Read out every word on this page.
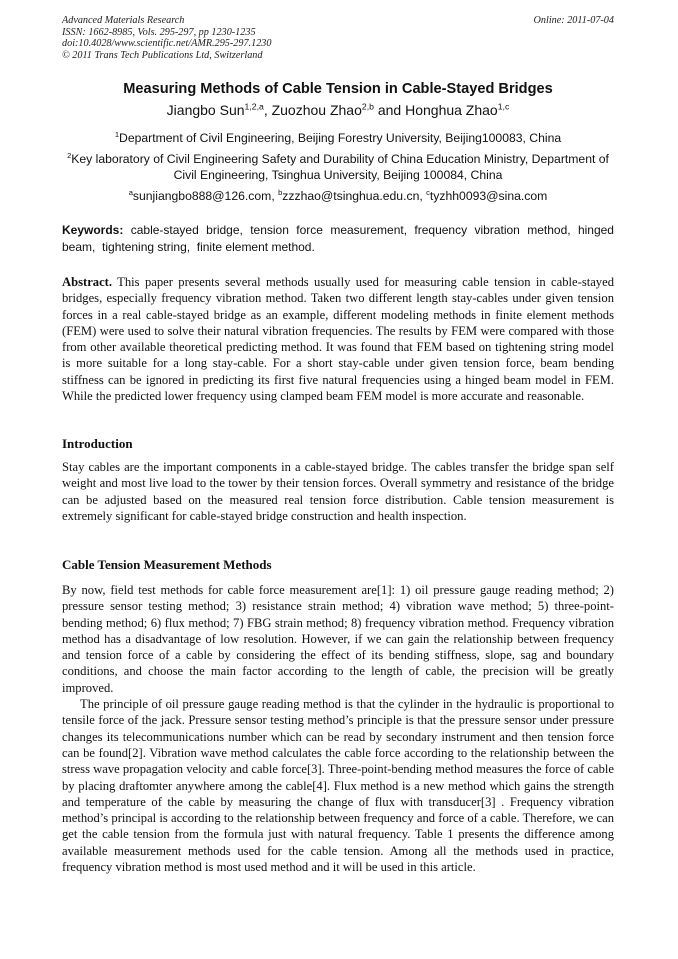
Advanced Materials Research
ISSN: 1662-8985, Vols. 295-297, pp 1230-1235
doi:10.4028/www.scientific.net/AMR.295-297.1230
© 2011 Trans Tech Publications Ltd, Switzerland
Online: 2011-07-04
Measuring Methods of Cable Tension in Cable-Stayed Bridges
Jiangbo Sun$^{1,2,a}$, Zuozhou Zhao$^{2,b}$ and Honghua Zhao$^{1,c}$
$^1$Department of Civil Engineering, Beijing Forestry University, Beijing100083, China
$^2$Key laboratory of Civil Engineering Safety and Durability of China Education Ministry, Department of
Civil Engineering, Tsinghua University, Beijing 100084, China
$^a$sunjiangbo888@126.com, $^b$zzzhao@tsinghua.edu.cn, $^c$tyzhh0093@sina.com
Keywords: cable-stayed bridge, tension force measurement, frequency vibration method, hinged beam,  tightening string,  finite element method.

Abstract. This paper presents several methods usually used for measuring cable tension in cable-stayed bridges, especially frequency vibration method. Taken two different length stay-cables under given tension forces in a real cable-stayed bridge as an example, different modeling methods in finite element methods (FEM) were used to solve their natural vibration frequencies. The results by FEM were compared with those from other available theoretical predicting method. It was found that FEM based on tightening string model is more suitable for a long stay-cable. For a short stay-cable under given tension force, beam bending stiffness can be ignored in predicting its first five natural frequencies using a hinged beam model in FEM. While the predicted lower frequency using clamped beam FEM model is more accurate and reasonable.

Introduction

Stay cables are the important components in a cable-stayed bridge. The cables transfer the bridge span self weight and most live load to the tower by their tension forces. Overall symmetry and resistance of the bridge can be adjusted based on the measured real tension force distribution. Cable tension measurement is extremely significant for cable-stayed bridge construction and health inspection.

Cable Tension Measurement Methods

By now, field test methods for cable force measurement are[1]: 1) oil pressure gauge reading method; 2) pressure sensor testing method; 3) resistance strain method; 4) vibration wave method; 5) three-point-bending method; 6) flux method; 7) FBG strain method; 8) frequency vibration method. Frequency vibration method has a disadvantage of low resolution. However, if we can gain the relationship between frequency and tension force of a cable by considering the effect of its bending stiffness, slope, sag and boundary conditions, and choose the main factor according to the length of cable, the precision will be greatly improved.

The principle of oil pressure gauge reading method is that the cylinder in the hydraulic is proportional to tensile force of the jack. Pressure sensor testing method’s principle is that the pressure sensor under pressure changes its telecommunications number which can be read by secondary instrument and then tension force can be found[2]. Vibration wave method calculates the cable force according to the relationship between the stress wave propagation velocity and cable force[3]. Three-point-bending method measures the force of cable by placing draftomter anywhere among the cable[4]. Flux method is a new method which gains the strength and temperature of the cable by measuring the change of flux with transducer[3] . Frequency vibration method’s principal is according to the relationship between frequency and force of a cable. Therefore, we can get the cable tension from the formula just with natural frequency. Table 1 presents the difference among available measurement methods used for the cable tension. Among all the methods used in practice, frequency vibration method is most used method and it will be used in this article.
